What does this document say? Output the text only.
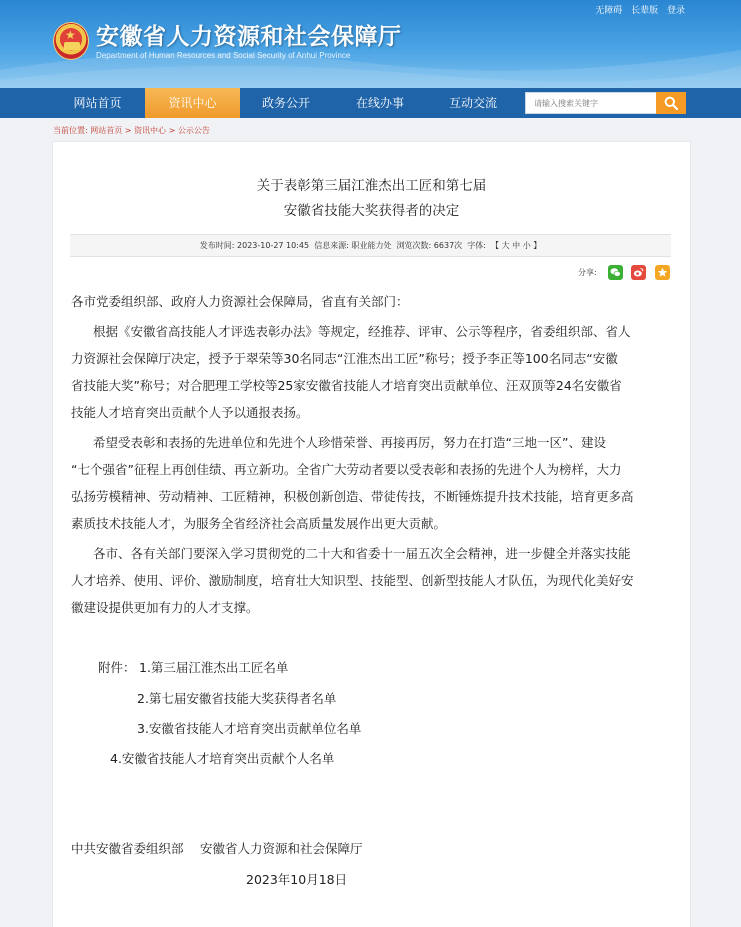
★ 安徽省人力资源和社会保障厅
Department of Human Resources and Social Security of Anhui Province
无障碍 长辈版 登录
网站首页	资讯中心	政务公开	在线办事	互动交流
请输入搜索关键字
当前位置: 网站首页 > 资讯中心 > 公示公告
关于表彰第三届江淮杰出工匠和第七届
安徽省技能大奖获得者的决定
发布时间: 2023-10-27 10:45 信息来源: 职业能力处 浏览次数: 6637次 字体: 【 大 中 小 】
分享:
各市党委组织部、政府人力资源社会保障局，省直有关部门：
根据《安徽省高技能人才评选表彰办法》等规定，经推荐、评审、公示等程序，省委组织部、省人
力资源社会保障厅决定，授予于翠荣等30名同志“江淮杰出工匠”称号；授予李正等100名同志“安徽
省技能大奖”称号；对合肥理工学校等25家安徽省技能人才培育突出贡献单位、汪双顶等24名安徽省
技能人才培育突出贡献个人予以通报表扬。
希望受表彰和表扬的先进单位和先进个人珍惜荣誉、再接再厉，努力在打造“三地一区”、建设
“七个强省”征程上再创佳绩、再立新功。全省广大劳动者要以受表彰和表扬的先进个人为榜样，大力
弘扬劳模精神、劳动精神、工匠精神，积极创新创造、带徒传技，不断锤炼提升技术技能，培育更多高
素质技术技能人才，为服务全省经济社会高质量发展作出更大贡献。
各市、各有关部门要深入学习贯彻党的二十大和省委十一届五次全会精神，进一步健全并落实技能
人才培养、使用、评价、激励制度，培育壮大知识型、技能型、创新型技能人才队伍，为现代化美好安
徽建设提供更加有力的人才支撑。
附件： 1.第三届江淮杰出工匠名单
2.第七届安徽省技能大奖获得者名单
3.安徽省技能人才培育突出贡献单位名单
4.安徽省技能人才培育突出贡献个人名单
中共安徽省委组织部　 安徽省人力资源和社会保障厅
2023年10月18日
